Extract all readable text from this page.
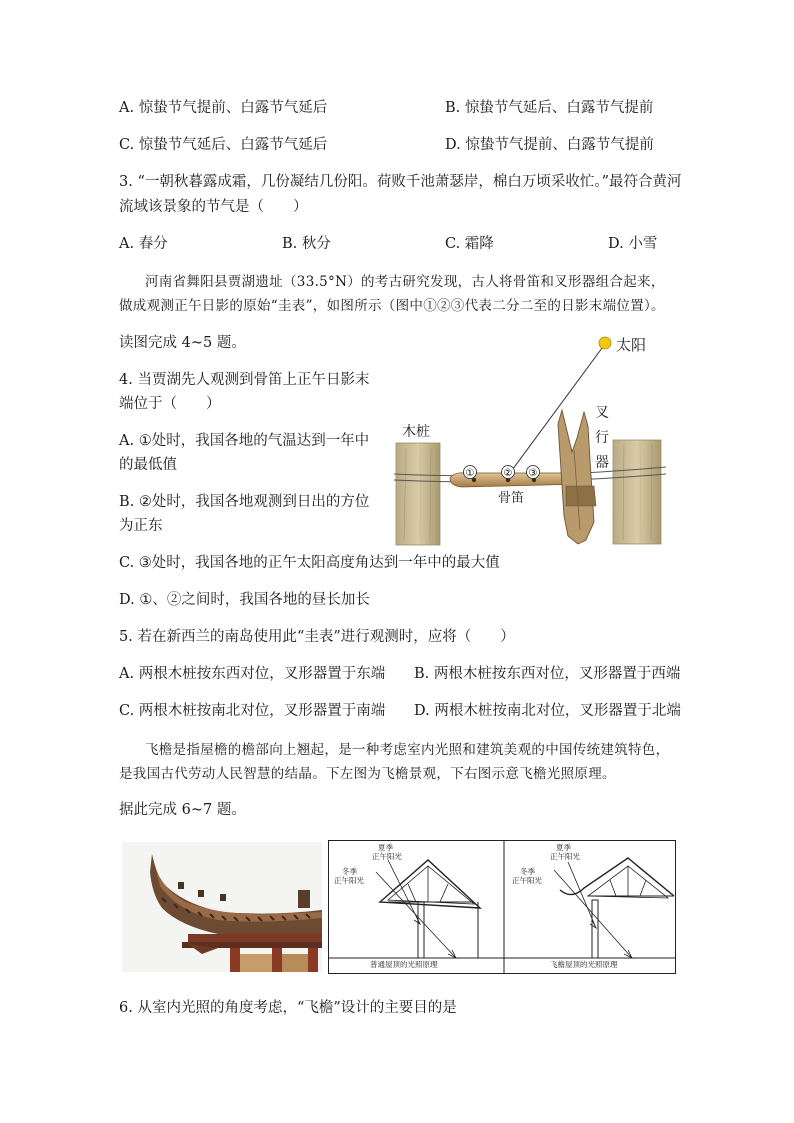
A. 惊蛰节气提前、白露节气延后	B. 惊蛰节气延后、白露节气提前
C. 惊蛰节气延后、白露节气延后	D. 惊蛰节气提前、白露节气提前
3. “一朝秋暮露成霜，几份凝结几份阳。荷败千池萧瑟岸，棉白万顷采收忙。”最符合黄河
流域该景象的节气是（　　）
A. 春分	B. 秋分	C. 霜降	D. 小雪
河南省舞阳县贾湖遗址（33.5°N）的考古研究发现，古人将骨笛和叉形器组合起来，
做成观测正午日影的原始“圭表”，如图所示（图中①②③代表二分二至的日影末端位置）。
读图完成 4~5 题。
4. 当贾湖先人观测到骨笛上正午日影末
端位于（　　）
A. ①处时，我国各地的气温达到一年中
的最低值
B. ②处时，我国各地观测到日出的方位
为正东
C. ③处时，我国各地的正午太阳高度角达到一年中的最大值
D. ①、②之间时，我国各地的昼长加长
太阳
①	② ③
木桩
叉
行
器
骨笛
5. 若在新西兰的南岛使用此“圭表”进行观测时，应将（　　）
A. 两根木桩按东西对位，叉形器置于东端 B. 两根木桩按东西对位，叉形器置于西端
C. 两根木桩按南北对位，叉形器置于南端 D. 两根木桩按南北对位，叉形器置于北端
飞檐是指屋檐的檐部向上翘起，是一种考虑室内光照和建筑美观的中国传统建筑特色，
是我国古代劳动人民智慧的结晶。下左图为飞檐景观，下右图示意飞檐光照原理。
据此完成 6~7 题。
夏季
正午阳光
冬季
正午阳光
普通屋顶的光照原理
夏季
正午阳光
冬季
正午阳光
飞檐屋顶的光照原理
6. 从室内光照的角度考虑，“飞檐”设计的主要目的是
